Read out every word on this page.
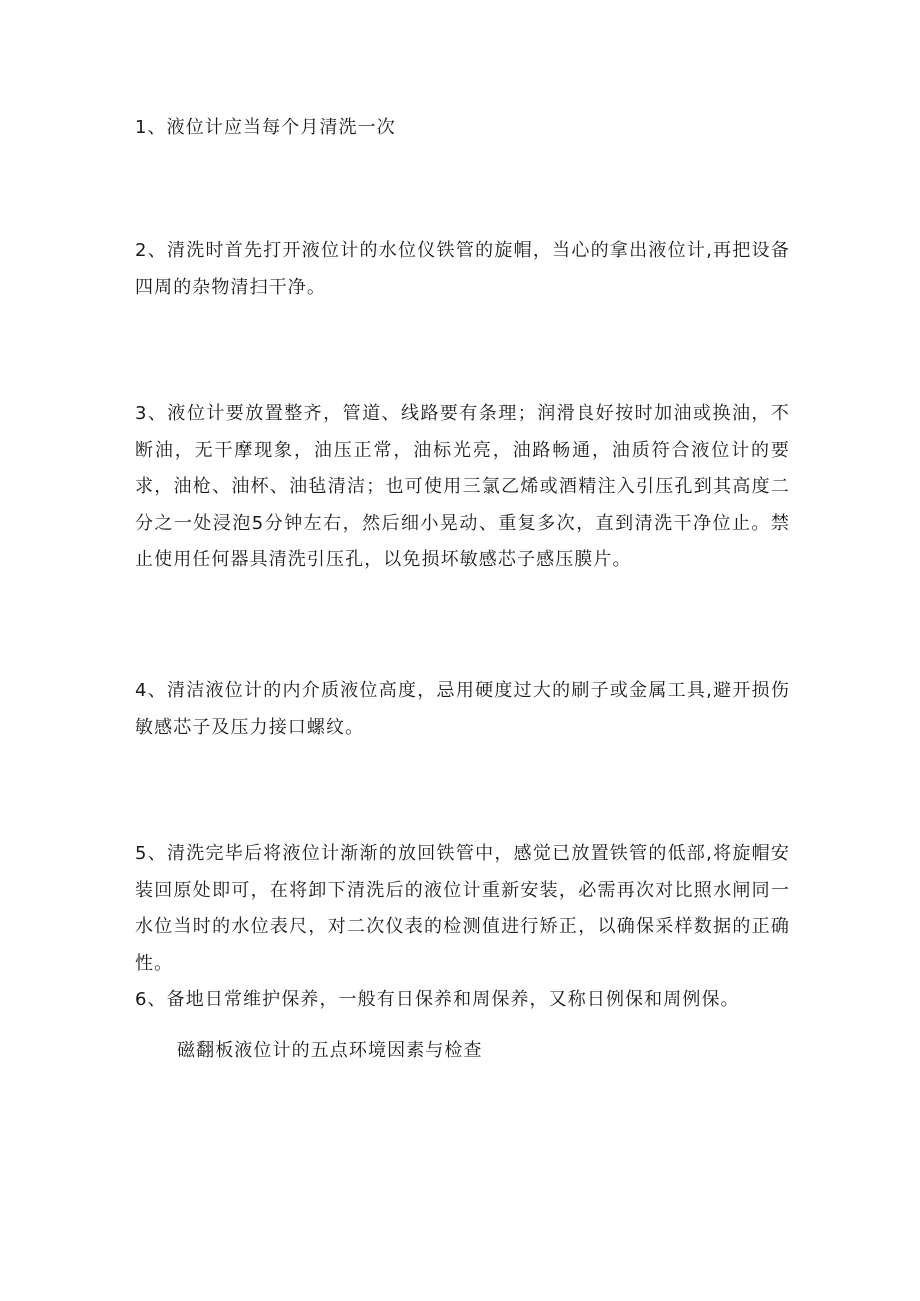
1、液位计应当每个月清洗一次

2、清洗时首先打开液位计的水位仪铁管的旋帽，当心的拿出液位计,再把设备四周的杂物清扫干净。

3、液位计要放置整齐，管道、线路要有条理；润滑良好按时加油或换油，不断油，无干摩现象，油压正常，油标光亮，油路畅通，油质符合液位计的要求，油枪、油杯、油毡清洁；也可使用三氯乙烯或酒精注入引压孔到其高度二分之一处浸泡5分钟左右，然后细小晃动、重复多次，直到清洗干净位止。禁止使用任何器具清洗引压孔，以免损坏敏感芯子感压膜片。

4、清洁液位计的内介质液位高度，忌用硬度过大的刷子或金属工具,避开损伤敏感芯子及压力接口螺纹。

5、清洗完毕后将液位计渐渐的放回铁管中，感觉已放置铁管的低部,将旋帽安装回原处即可，在将卸下清洗后的液位计重新安装，必需再次对比照水闸同一水位当时的水位表尺，对二次仪表的检测值进行矫正，以确保采样数据的正确性。

6、备地日常维护保养，一般有日保养和周保养，又称日例保和周例保。

磁翻板液位计的五点环境因素与检查
